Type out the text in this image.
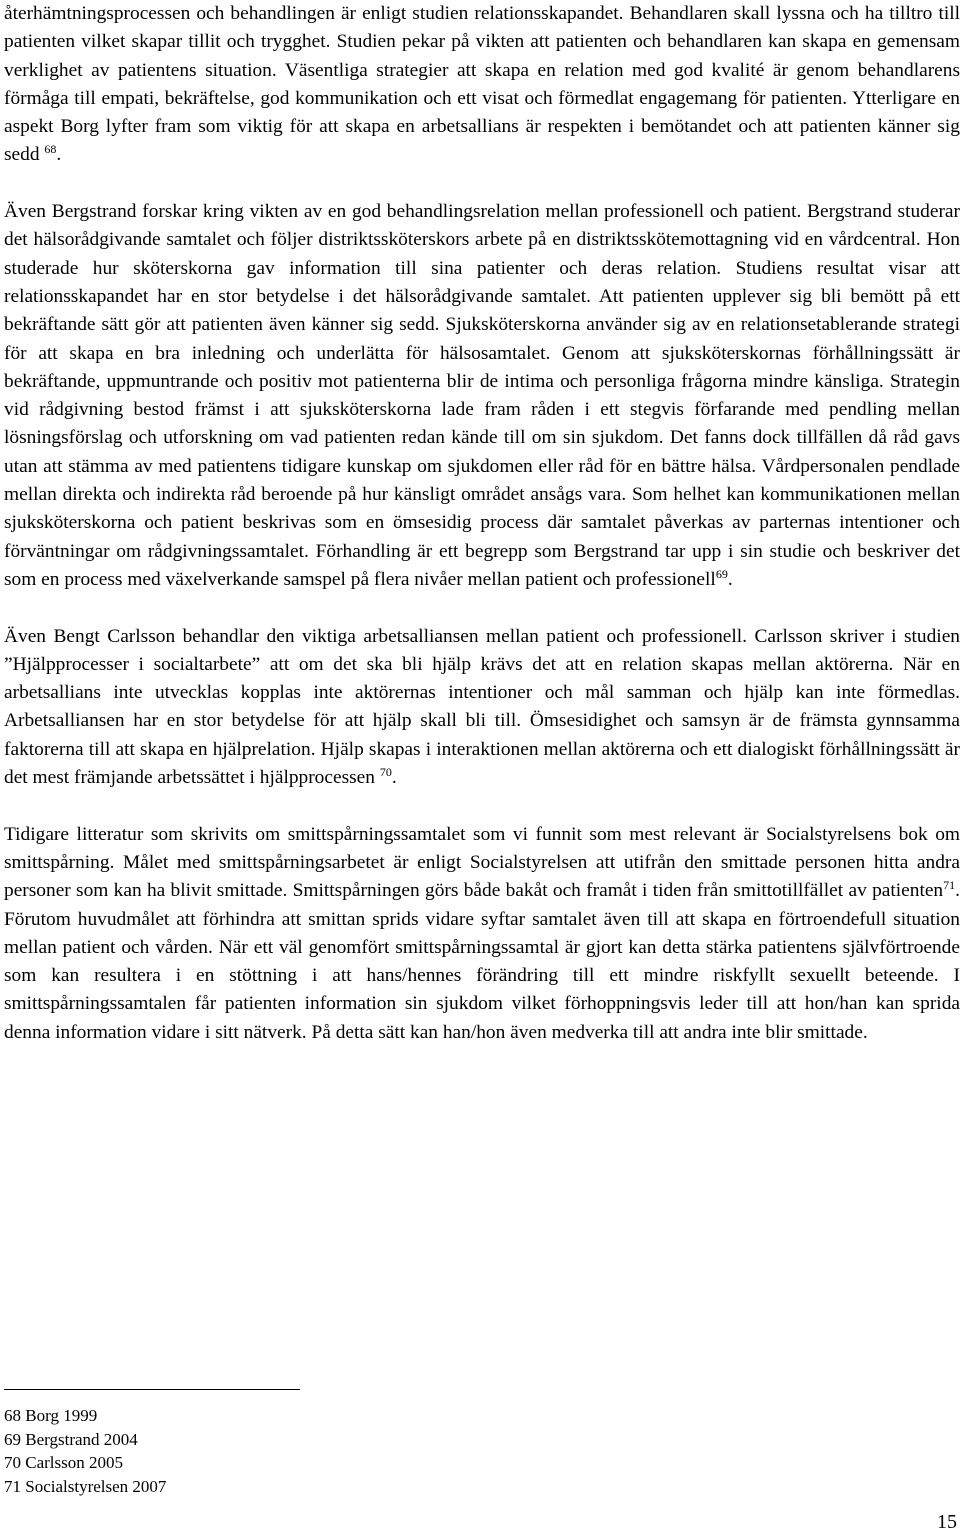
återhämtningsprocessen och behandlingen är enligt studien relationsskapandet. Behandlaren skall lyssna och ha tilltro till patienten vilket skapar tillit och trygghet. Studien pekar på vikten att patienten och behandlaren kan skapa en gemensam verklighet av patientens situation. Väsentliga strategier att skapa en relation med god kvalité är genom behandlarens förmåga till empati, bekräftelse, god kommunikation och ett visat och förmedlat engagemang för patienten. Ytterligare en aspekt Borg lyfter fram som viktig för att skapa en arbetsallians är respekten i bemötandet och att patienten känner sig sedd $^{68}$.

Även Bergstrand forskar kring vikten av en god behandlingsrelation mellan professionell och patient. Bergstrand studerar det hälsorådgivande samtalet och följer distriktssköterskors arbete på en distriktsskötemottagning vid en vårdcentral. Hon studerade hur sköterskorna gav information till sina patienter och deras relation. Studiens resultat visar att relationsskapandet har en stor betydelse i det hälsorådgivande samtalet. Att patienten upplever sig bli bemött på ett bekräftande sätt gör att patienten även känner sig sedd. Sjuksköterskorna använder sig av en relationsetablerande strategi för att skapa en bra inledning och underlätta för hälsosamtalet. Genom att sjuksköterskornas förhållningssätt är bekräftande, uppmuntrande och positiv mot patienterna blir de intima och personliga frågorna mindre känsliga. Strategin vid rådgivning bestod främst i att sjuksköterskorna lade fram råden i ett stegvis förfarande med pendling mellan lösningsförslag och utforskning om vad patienten redan kände till om sin sjukdom. Det fanns dock tillfällen då råd gavs utan att stämma av med patientens tidigare kunskap om sjukdomen eller råd för en bättre hälsa. Vårdpersonalen pendlade mellan direkta och indirekta råd beroende på hur känsligt området ansågs vara. Som helhet kan kommunikationen mellan sjuksköterskorna och patient beskrivas som en ömsesidig process där samtalet påverkas av parternas intentioner och förväntningar om rådgivningssamtalet. Förhandling är ett begrepp som Bergstrand tar upp i sin studie och beskriver det som en process med växelverkande samspel på flera nivåer mellan patient och professionell$^{69}$.

Även Bengt Carlsson behandlar den viktiga arbetsalliansen mellan patient och professionell. Carlsson skriver i studien ”Hjälpprocesser i socialtarbete” att om det ska bli hjälp krävs det att en relation skapas mellan aktörerna. När en arbetsallians inte utvecklas kopplas inte aktörernas intentioner och mål samman och hjälp kan inte förmedlas. Arbetsalliansen har en stor betydelse för att hjälp skall bli till. Ömsesidighet och samsyn är de främsta gynnsamma faktorerna till att skapa en hjälprelation. Hjälp skapas i interaktionen mellan aktörerna och ett dialogiskt förhållningssätt är det mest främjande arbetssättet i hjälpprocessen $^{70}$.

Tidigare litteratur som skrivits om smittspårningssamtalet som vi funnit som mest relevant är Socialstyrelsens bok om smittspårning. Målet med smittspårningsarbetet är enligt Socialstyrelsen att utifrån den smittade personen hitta andra personer som kan ha blivit smittade. Smittspårningen görs både bakåt och framåt i tiden från smittotillfället av patienten$^{71}$. Förutom huvudmålet att förhindra att smittan sprids vidare syftar samtalet även till att skapa en förtroendefull situation mellan patient och vården. När ett väl genomfört smittspårningssamtal är gjort kan detta stärka patientens självförtroende som kan resultera i en stöttning i att hans/hennes förändring till ett mindre riskfyllt sexuellt beteende. I smittspårningssamtalen får patienten information sin sjukdom vilket förhoppningsvis leder till att hon/han kan sprida denna information vidare i sitt nätverk. På detta sätt kan han/hon även medverka till att andra inte blir smittade.

68 Borg 1999
69 Bergstrand 2004
70 Carlsson 2005
71 Socialstyrelsen 2007
15
